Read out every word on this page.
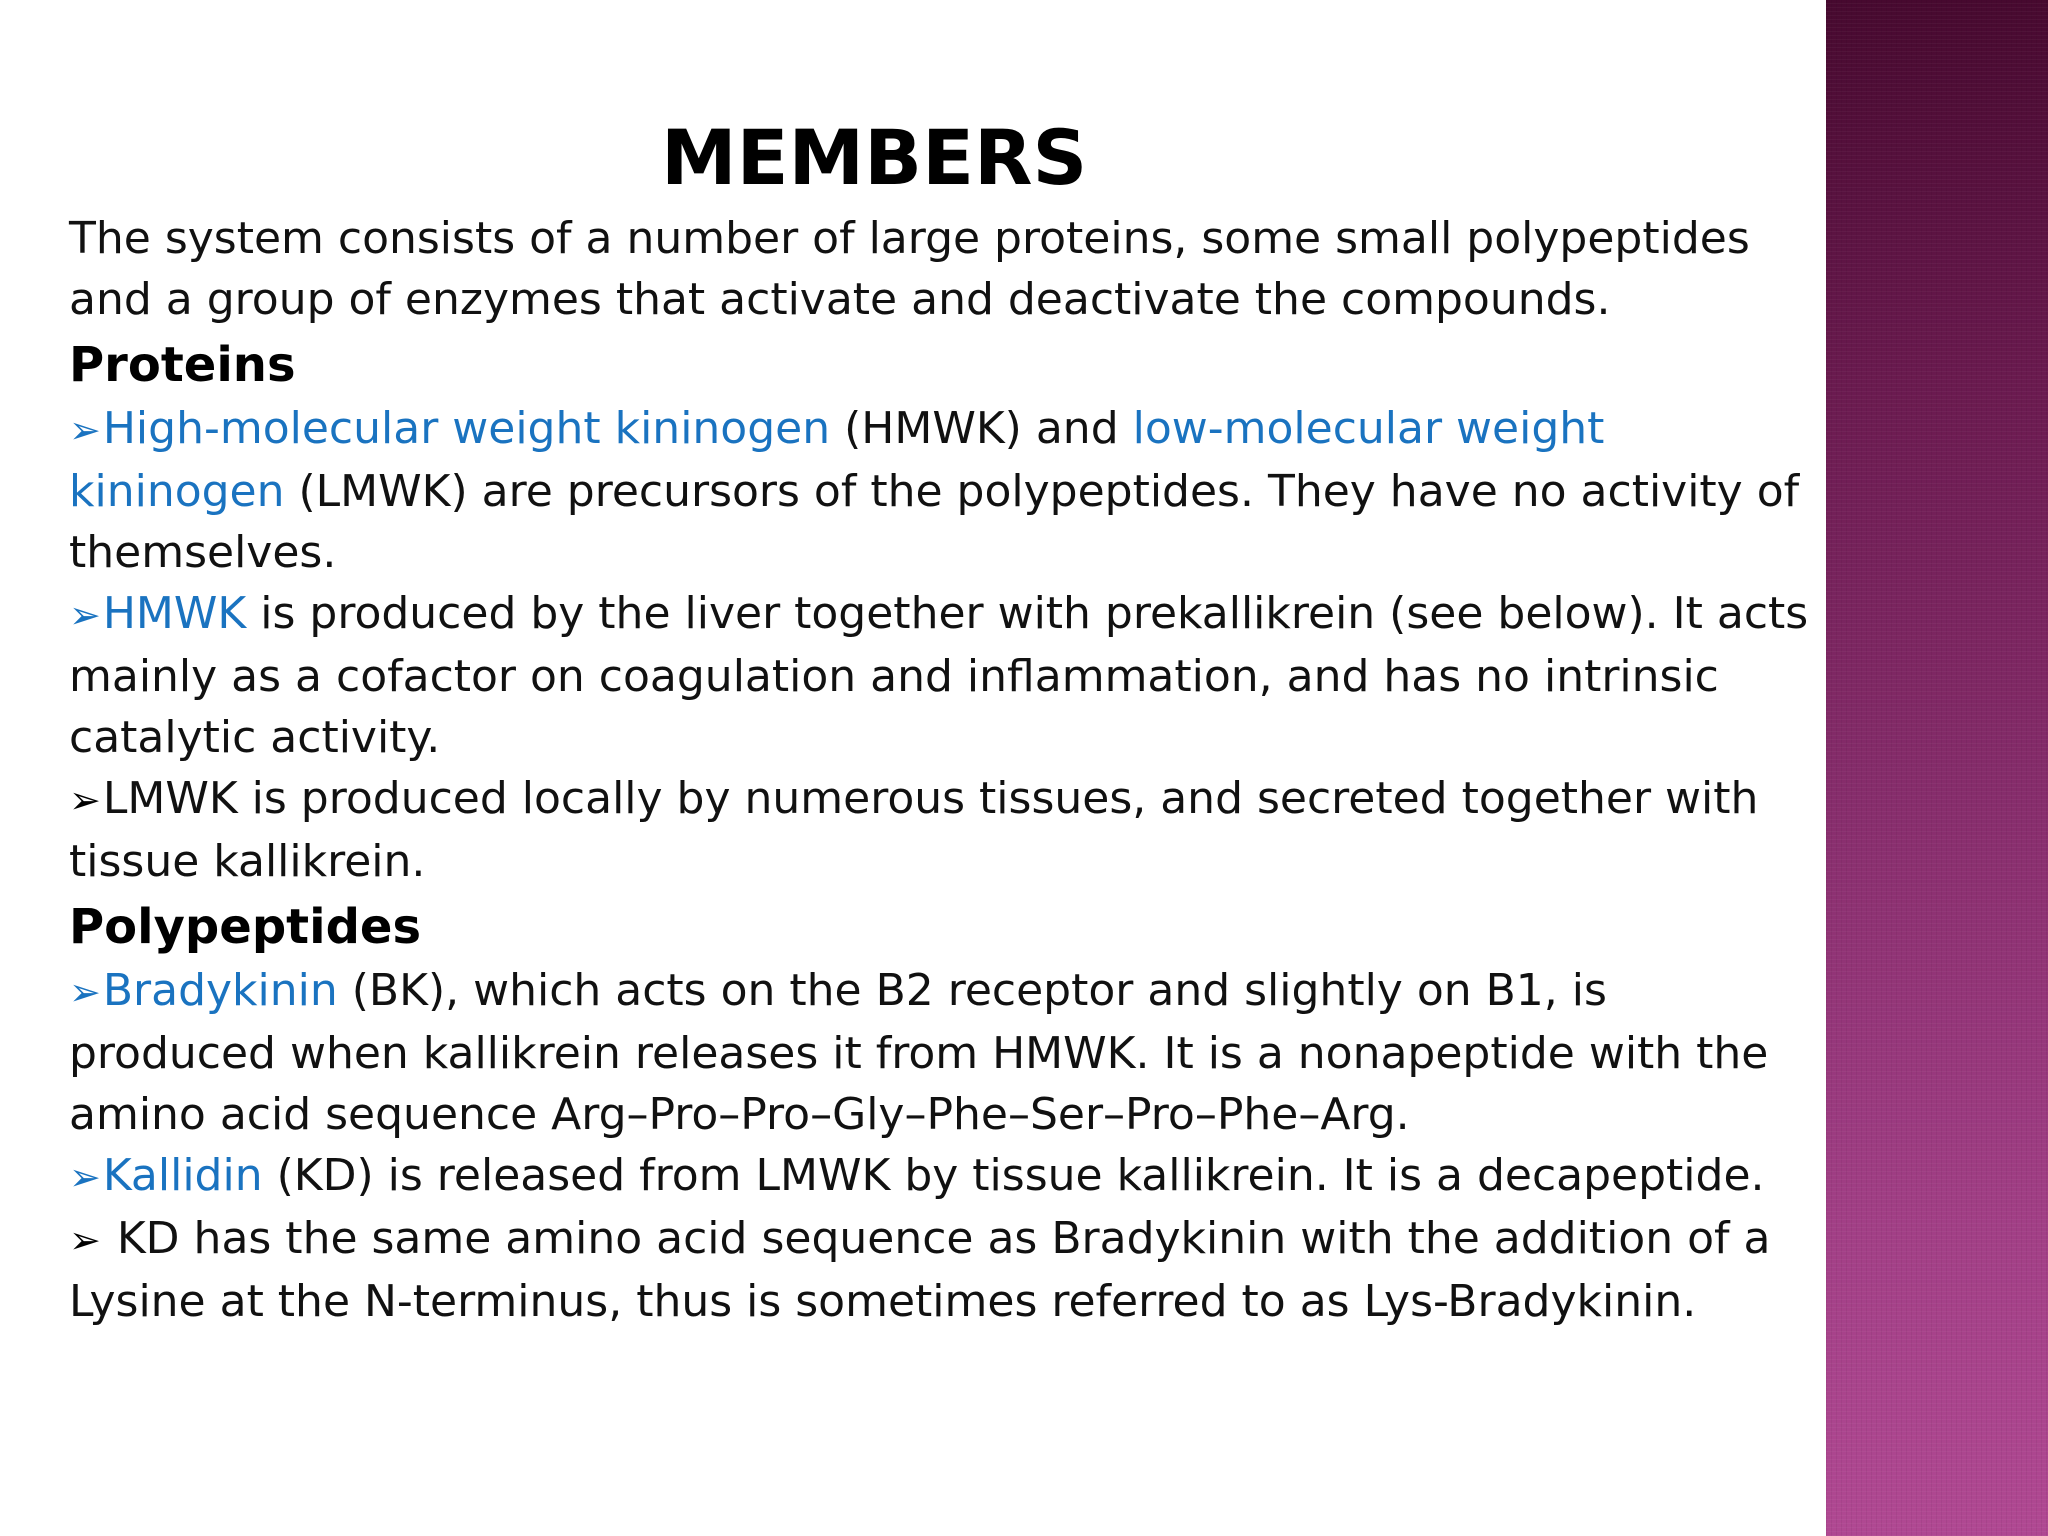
MEMBERS

The system consists of a number of large proteins, some small polypeptides and a group of enzymes that activate and deactivate the compounds.

Proteins

➢High-molecular weight kininogen (HMWK) and low-molecular weight kininogen (LMWK) are precursors of the polypeptides. They have no activity of themselves.

➢HMWK is produced by the liver together with prekallikrein (see below). It acts mainly as a cofactor on coagulation and inflammation, and has no intrinsic catalytic activity.

➢LMWK is produced locally by numerous tissues, and secreted together with tissue kallikrein.

Polypeptides

➢Bradykinin (BK), which acts on the B2 receptor and slightly on B1, is produced when kallikrein releases it from HMWK. It is a nonapeptide with the amino acid sequence Arg–Pro–Pro–Gly–Phe–Ser–Pro–Phe–Arg.

➢Kallidin (KD) is released from LMWK by tissue kallikrein. It is a decapeptide.

➢ KD has the same amino acid sequence as Bradykinin with the addition of a Lysine at the N-terminus, thus is sometimes referred to as Lys-Bradykinin.
